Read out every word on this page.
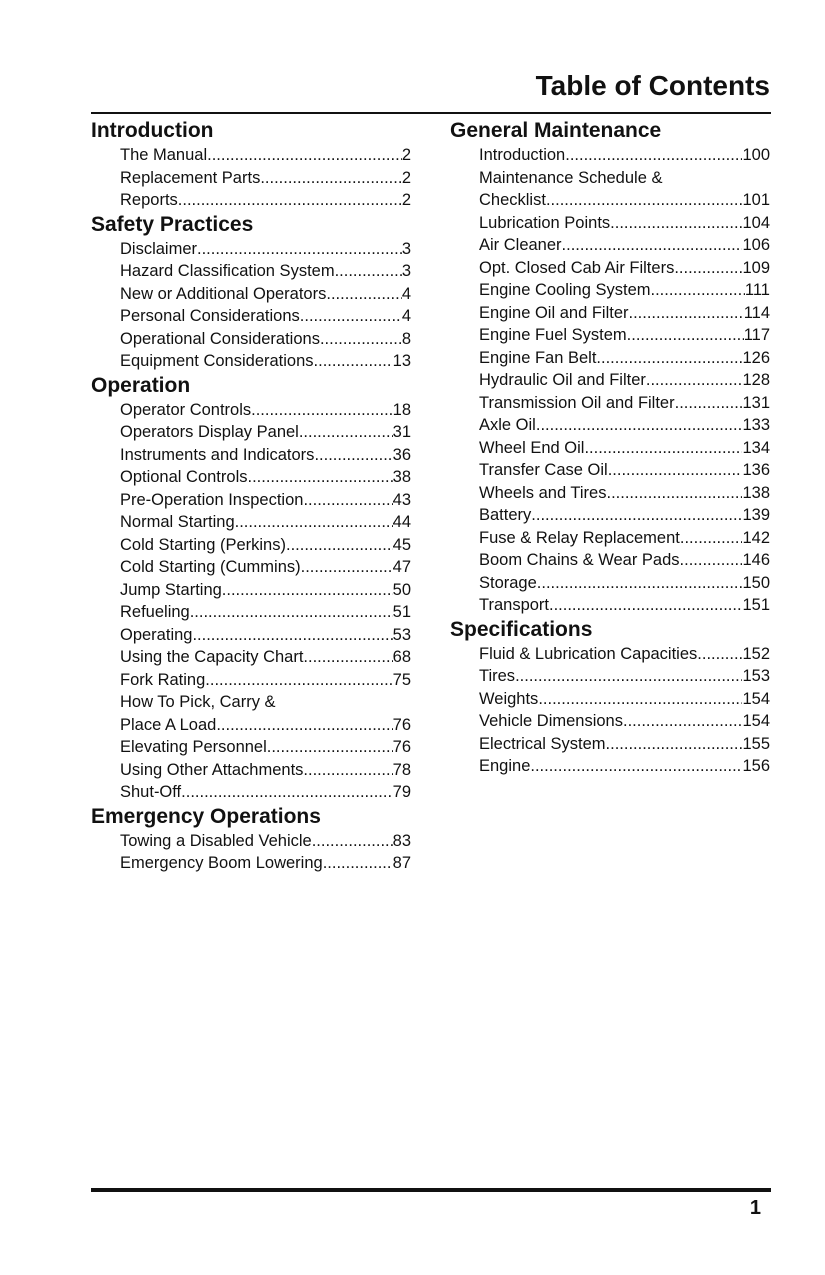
Table of Contents
Introduction
The Manual .....	2
Replacement Parts .....	2
Reports .....	2
Safety Practices
Disclaimer .....	3
Hazard Classification System .....	3
New or Additional Operators .....	4
Personal Considerations .....	4
Operational Considerations .....	8
Equipment Considerations .....	13
Operation
Operator Controls .....	18
Operators Display Panel .....	31
Instruments and Indicators .....	36
Optional Controls .....	38
Pre-Operation Inspection .....	43
Normal Starting .....	44
Cold Starting (Perkins) .....	45
Cold Starting (Cummins) .....	47
Jump Starting .....	50
Refueling .....	51
Operating .....	53
Using the Capacity Chart .....	68
Fork Rating .....	75
How To Pick, Carry &
Place A Load .....	76
Elevating Personnel .....	76
Using Other Attachments .....	78
Shut-Off .....	79
Emergency Operations
Towing a Disabled Vehicle .....	83
Emergency Boom Lowering .....	87
General Maintenance
Introduction .....	100
Maintenance Schedule &
Checklist .....	101
Lubrication Points .....	104
Air Cleaner .....	106
Opt. Closed Cab Air Filters .....	109
Engine Cooling System .....	111
Engine Oil and Filter .....	114
Engine Fuel System .....	117
Engine Fan Belt .....	126
Hydraulic Oil and Filter .....	128
Transmission Oil and Filter .....	131
Axle Oil .....	133
Wheel End Oil .....	134
Transfer Case Oil .....	136
Wheels and Tires .....	138
Battery .....	139
Fuse & Relay Replacement .....	142
Boom Chains & Wear Pads .....	146
Storage .....	150
Transport .....	151
Specifications
Fluid & Lubrication Capacities .....	152
Tires .....	153
Weights .....	154
Vehicle Dimensions .....	154
Electrical System .....	155
Engine .....	156
1
